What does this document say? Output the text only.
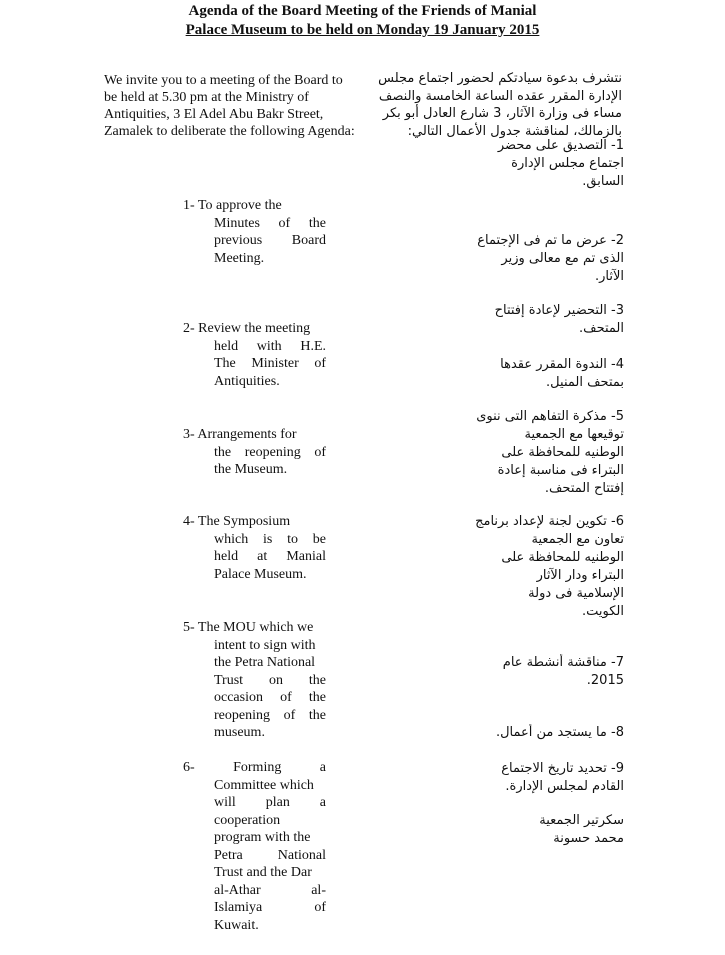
Agenda of the Board Meeting of the Friends of Manial
Palace Museum to be held on Monday 19 January 2015
We invite you to a meeting of the Board to
be held at 5.30 pm at the Ministry of
Antiquities, 3 El Adel Abu Bakr Street,
Zamalek to deliberate the following Agenda:
نتشرف بدعوة سيادتكم لحضور اجتماع مجلس
الإدارة المقرر عقده الساعة الخامسة والنصف
مساء فى وزارة الآثار، 3 شارع العادل أبو بكر
بالزمالك، لمناقشة جدول الأعمال التالي:
1- To approve the
Minutes of the
previous Board
Meeting.
2- Review the meeting
held with H.E.
The Minister of
Antiquities.
3- Arrangements for
the reopening of
the Museum.
4- The Symposium
which is to be
held at Manial
Palace Museum.
5- The MOU which we
intent to sign with
the Petra National
Trust on the
occasion of the
reopening of the
museum.
6- Forming a
Committee which
will plan a
cooperation
program with the
Petra National
Trust and the Dar
al-Athar al-
Islamiya of
Kuwait.
1- التصديق على محضر
اجتماع مجلس الإدارة
السابق.
2- عرض ما تم فى الإجتماع
الذى تم مع معالى وزير
الآثار.
3- التحضير لإعادة إفتتاح
المتحف.
4- الندوة المقرر عقدها
بمتحف المنيل.
5- مذكرة التفاهم التى ننوى
توقيعها مع الجمعية
الوطنيه للمحافظة على
البتراء فى مناسبة إعادة
إفتتاح المتحف.
6- تكوين لجنة لإعداد برنامج
تعاون مع الجمعية
الوطنيه للمحافظة على
البتراء ودار الآثار
الإسلامية فى دولة
الكويت.
7- مناقشة أنشطة عام
2015.
8- ما يستجد من أعمال.
9- تحديد تاريخ الاجتماع
القادم لمجلس الإدارة.
سكرتير الجمعية
محمد حسونة
